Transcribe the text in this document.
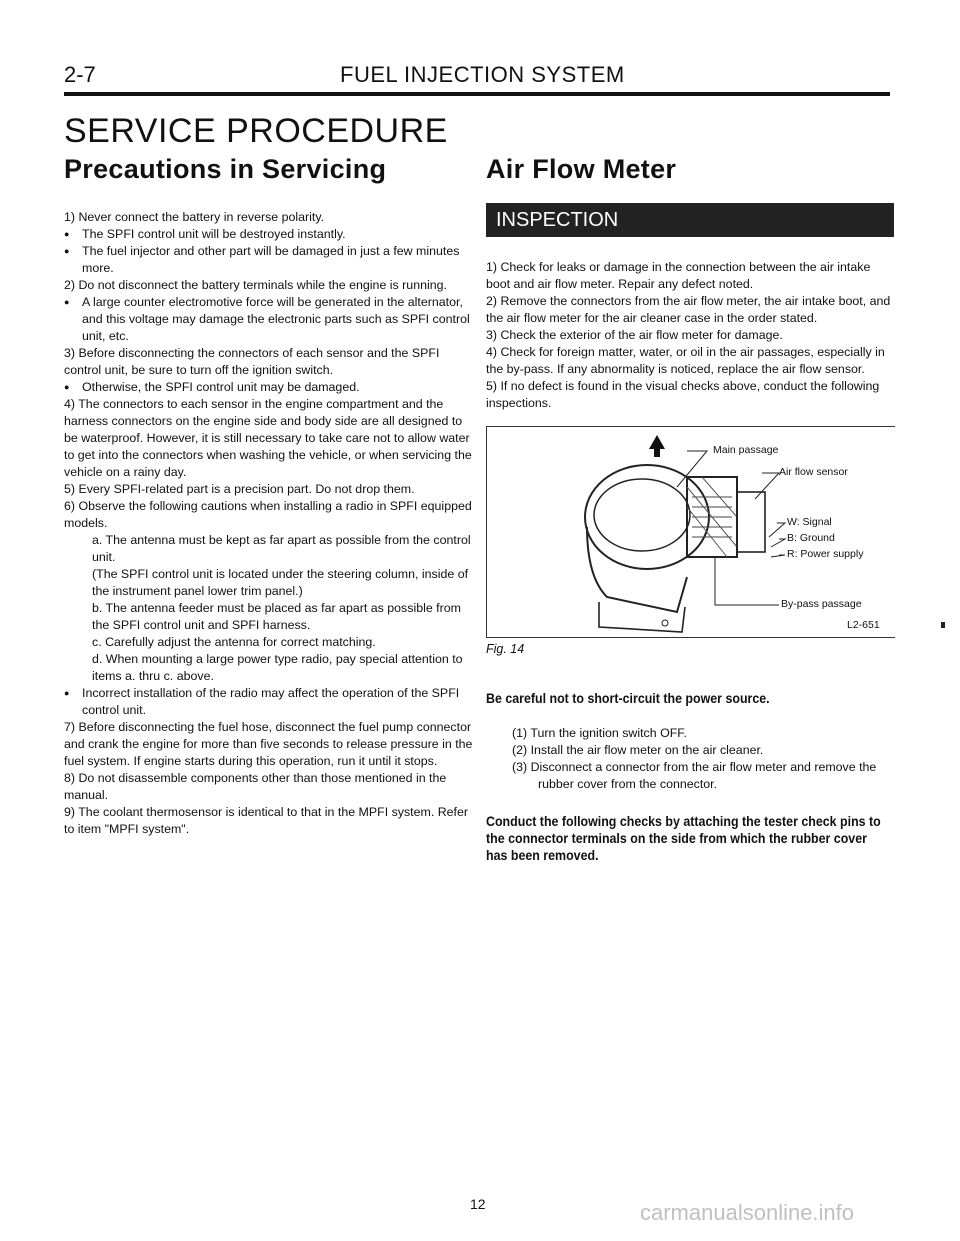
2-7	FUEL INJECTION SYSTEM
SERVICE PROCEDURE
Precautions in Servicing

1) Never connect the battery in reverse polarity.

● The SPFI control unit will be destroyed instantly.

● The fuel injector and other part will be damaged in just a few minutes more.

2) Do not disconnect the battery terminals while the engine is running.

● A large counter electromotive force will be generated in the alternator, and this voltage may damage the electronic parts such as SPFI control unit, etc.

3) Before disconnecting the connectors of each sensor and the SPFI control unit, be sure to turn off the ignition switch.

● Otherwise, the SPFI control unit may be damaged.

4) The connectors to each sensor in the engine compartment and the harness connectors on the engine side and body side are all designed to be waterproof. However, it is still necessary to take care not to allow water to get into the connectors when washing the vehicle, or when servicing the vehicle on a rainy day.

5) Every SPFI-related part is a precision part. Do not drop them.

6) Observe the following cautions when installing a radio in SPFI equipped models.

a. The antenna must be kept as far apart as possible from the control unit.

(The SPFI control unit is located under the steering column, inside of the instrument panel lower trim panel.)

b. The antenna feeder must be placed as far apart as possible from the SPFI control unit and SPFI harness.

c. Carefully adjust the antenna for correct matching.

d. When mounting a large power type radio, pay special attention to items a. thru c. above.

● Incorrect installation of the radio may affect the operation of the SPFI control unit.

7) Before disconnecting the fuel hose, disconnect the fuel pump connector and crank the engine for more than five seconds to release pressure in the fuel system. If engine starts during this operation, run it until it stops.

8) Do not disassemble components other than those mentioned in the manual.

9) The coolant thermosensor is identical to that in the MPFI system. Refer to item "MPFI system".

Air Flow Meter
INSPECTION

1) Check for leaks or damage in the connection between the air intake boot and air flow meter. Repair any defect noted.

2) Remove the connectors from the air flow meter, the air intake boot, and the air flow meter for the air cleaner case in the order stated.

3) Check the exterior of the air flow meter for damage.

4) Check for foreign matter, water, or oil in the air passages, especially in the by-pass. If any abnormality is noticed, replace the air flow sensor.

5) If no defect is found in the visual checks above, conduct the following inspections.

Main passage
Air flow sensor
W: Signal
B: Ground
R: Power supply
By-pass passage
L2-651

Fig. 14

Be careful not to short-circuit the power source.

(1) Turn the ignition switch OFF.

(2) Install the air flow meter on the air cleaner.

(3) Disconnect a connector from the air flow meter and remove the rubber cover from the connector.

Conduct the following checks by attaching the tester check pins to the connector terminals on the side from which the rubber cover has been removed.
12	carmanualsonline.info
